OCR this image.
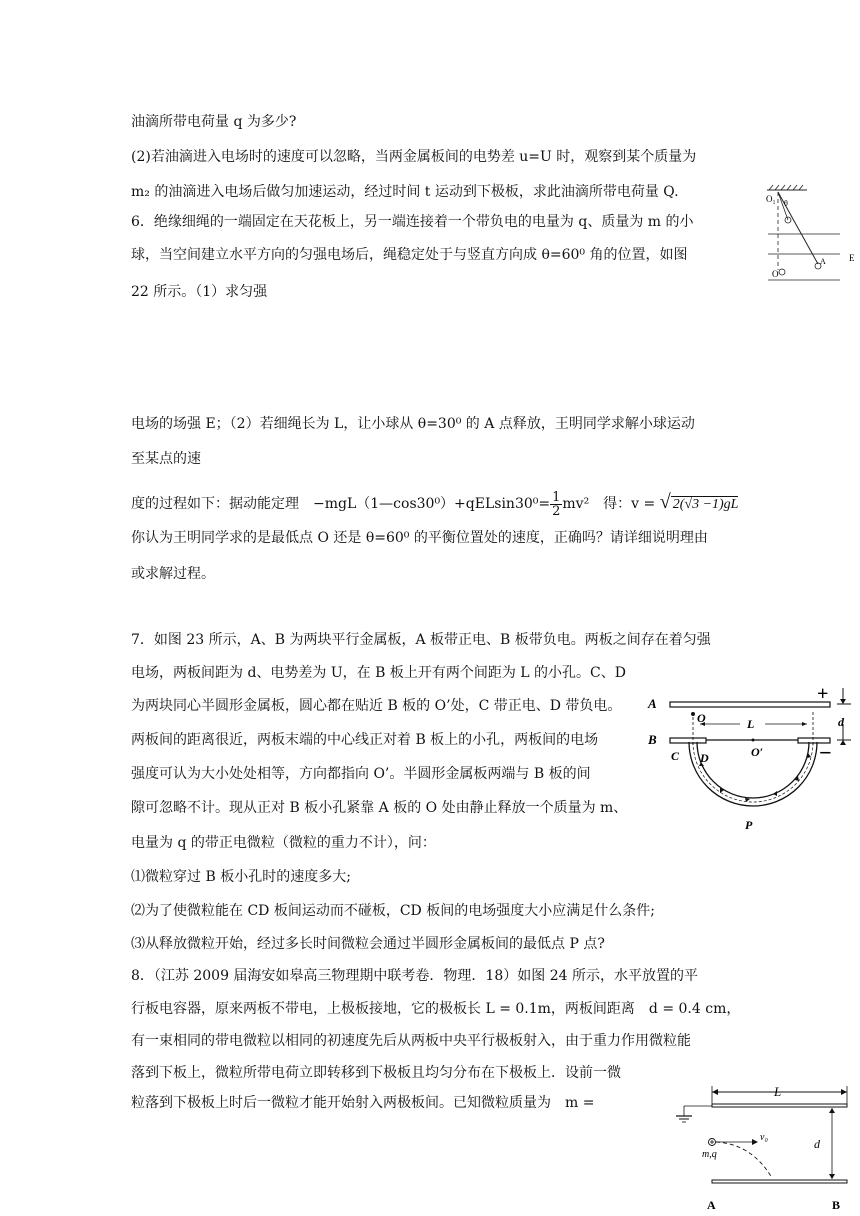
油滴所带电荷量 q 为多少?
(2)若油滴进入电场时的速度可以忽略，当两金属板间的电势差 u=U 时，观察到某个质量为
m₂ 的油滴进入电场后做匀加速运动，经过时间 t 运动到下极板，求此油滴所带电荷量 Q.
6．绝缘细绳的一端固定在天花板上，另一端连接着一个带负电的电量为 q、质量为 m 的小
球，当空间建立水平方向的匀强电场后，绳稳定处于与竖直方向成 θ=60⁰ 角的位置，如图
22 所示。（1）求匀强
O₁ θ
O
A	E
电场的场强 E；（2）若细绳长为 L，让小球从 θ=30⁰ 的 A 点释放，王明同学求解小球运动
至某点的速
度的过程如下：据动能定理　−mgL（1—cos30⁰）+qELsin30⁰= $\frac{1}{2} mv^2$　得：v = √ 2(√3 −1)gL
你认为王明同学求的是最低点 O 还是 θ=60⁰ 的平衡位置处的速度，正确吗？请详细说明理由
或求解过程。
7．如图 23 所示，A、B 为两块平行金属板，A 板带正电、B 板带负电。两板之间存在着匀强
电场，两板间距为 d、电势差为 U，在 B 板上开有两个间距为 L 的小孔。C、D
为两块同心半圆形金属板，圆心都在贴近 B 板的 O’处，C 带正电、D 带负电。
两板间的距离很近，两板末端的中心线正对着 B 板上的小孔，两板间的电场
强度可认为大小处处相等，方向都指向 O’。半圆形金属板两端与 B 板的间
隙可忽略不计。现从正对 B 板小孔紧靠 A 板的 O 处由静止释放一个质量为 m、
电量为 q 的带正电微粒（微粒的重力不计），问：
⑴微粒穿过 B 板小孔时的速度多大;
⑵为了使微粒能在 CD 板间运动而不碰板，CD 板间的电场强度大小应满足什么条件;
⑶从释放微粒开始，经过多长时间微粒会通过半圆形金属板间的最低点 P 点?
+
−
A
B
O	L
O′
d
C D
P
8．（江苏 2009 届海安如皋高三物理期中联考卷．物理．18）如图 24 所示，水平放置的平
行板电容器，原来两板不带电，上极板接地，它的极板长 L = 0.1m，两板间距离　d = 0.4 cm，
有一束相同的带电微粒以相同的初速度先后从两板中央平行极板射入，由于重力作用微粒能
落到下板上，微粒所带电荷立即转移到下极板且均匀分布在下极板上．设前一微
粒落到下极板上时后一微粒才能开始射入两极板间。已知微粒质量为　m =
L
v₀
m,q
d
A	B
